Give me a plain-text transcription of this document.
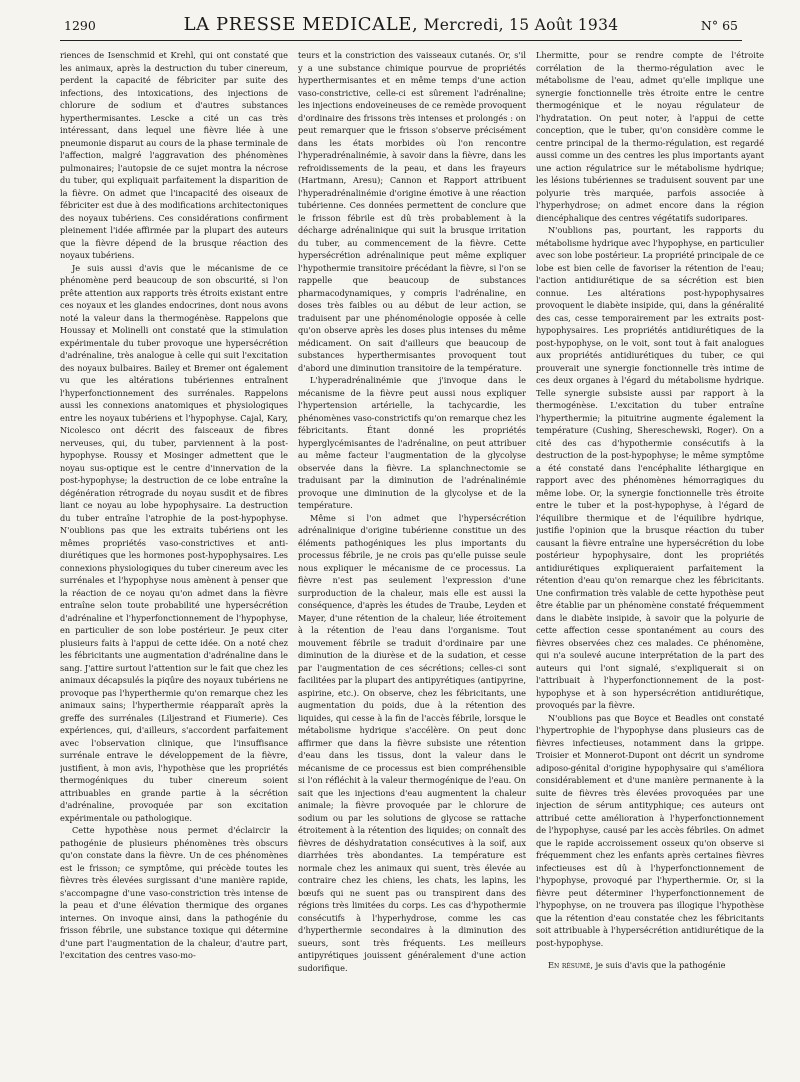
1290	LA PRESSE MEDICALE, Mercredi, 15 Août 1934	N° 65

riences de Isenschmid et Krehl, qui ont constaté que les animaux, après la destruction du tuber cinereum, perdent la capacité de fébriciter par suite des infections, des intoxications, des injections de chlorure de sodium et d'autres substances hyperthermisantes. Lescke a cité un cas très intéressant, dans lequel une fièvre liée à une pneumonie disparut au cours de la phase terminale de l'affection, malgré l'aggravation des phénomènes pulmonaires; l'autopsie de ce sujet montra la nécrose du tuber, qui expliquait parfaitement la disparition de la fièvre. On admet que l'incapacité des oiseaux de fébriciter est due à des modifications architectoniques des noyaux tubériens. Ces considérations confirment pleinement l'idée affirmée par la plupart des auteurs que la fièvre dépend de la brusque réaction des noyaux tubériens.

Je suis aussi d'avis que le mécanisme de ce phénomène perd beaucoup de son obscurité, si l'on prête attention aux rapports très étroits existant entre ces noyaux et les glandes endocrines, dont nous avons noté la valeur dans la thermogénèse. Rappelons que Houssay et Molinelli ont constaté que la stimulation expérimentale du tuber provoque une hypersécrétion d'adrénaline, très analogue à celle qui suit l'excitation des noyaux bulbaires. Bailey et Bremer ont également vu que les altérations tubériennes entraînent l'hyperfonctionnement des surrénales. Rappelons aussi les connexions anatomiques et physiologiques entre les noyaux tubériens et l'hypophyse. Cajal, Kary, Nicolesco ont décrit des faisceaux de fibres nerveuses, qui, du tuber, parviennent à la post-hypophyse. Roussy et Mosinger admettent que le noyau sus-optique est le centre d'innervation de la post-hypophyse; la destruction de ce lobe entraîne la dégénération rétrograde du noyau susdit et de fibres liant ce noyau au lobe hypophysaire. La destruction du tuber entraîne l'atrophie de la post-hypophyse. N'oublions pas que les extraits tubériens ont les mêmes propriétés vaso-constrictives et anti-diurétiques que les hormones post-hypophysaires. Les connexions physiologiques du tuber cinereum avec les surrénales et l'hypophyse nous amènent à penser que la réaction de ce noyau qu'on admet dans la fièvre entraîne selon toute probabilité une hypersécrétion d'adrénaline et l'hyperfonctionnement de l'hypophyse, en particulier de son lobe postérieur. Je peux citer plusieurs faits à l'appui de cette idée. On a noté chez les fébricitants une augmentation d'adrénaline dans le sang. J'attire surtout l'attention sur le fait que chez les animaux décapsulés la piqûre des noyaux tubériens ne provoque pas l'hyperthermie qu'on remarque chez les animaux sains; l'hyperthermie réapparaît après la greffe des surrénales (Liljestrand et Fiumerie). Ces expériences, qui, d'ailleurs, s'accordent parfaitement avec l'observation clinique, que l'insuffisance surrénale entrave le développement de la fièvre, justifient, à mon avis, l'hypothèse que les propriétés thermogéniques du tuber cinereum soient attribuables en grande partie à la sécrétion d'adrénaline, provoquée par son excitation expérimentale ou pathologique.

Cette hypothèse nous permet d'éclaircir la pathogénie de plusieurs phénomènes très obscurs qu'on constate dans la fièvre. Un de ces phénomènes est le frisson; ce symptôme, qui précède toutes les fièvres très élevées surgissant d'une manière rapide, s'accompagne d'une vaso-constriction très intense de la peau et d'une élévation thermique des organes internes. On invoque ainsi, dans la pathogénie du frisson fébrile, une substance toxique qui détermine d'une part l'augmentation de la chaleur, d'autre part, l'excitation des centres vaso-mo-

teurs et la constriction des vaisseaux cutanés. Or, s'il y a une substance chimique pourvue de propriétés hyperthermisantes et en même temps d'une action vaso-constrictive, celle-ci est sûrement l'adrénaline; les injections endoveineuses de ce remède provoquent d'ordinaire des frissons très intenses et prolongés : on peut remarquer que le frisson s'observe précisément dans les états morbides où l'on rencontre l'hyperadrénalinémie, à savoir dans la fièvre, dans les refroidissements de la peau, et dans les frayeurs (Hartmann, Aresu); Cannon et Rapport attribuent l'hyperadrénalinémie d'origine émotive à une réaction tubérienne. Ces données permettent de conclure que le frisson fébrile est dû très probablement à la décharge adrénalinique qui suit la brusque irritation du tuber, au commencement de la fièvre. Cette hypersécrétion adrénalinique peut même expliquer l'hypothermie transitoire précédant la fièvre, si l'on se rappelle que beaucoup de substances pharmacodynamiques, y compris l'adrénaline, en doses très faibles ou au début de leur action, se traduisent par une phénoménologie opposée à celle qu'on observe après les doses plus intenses du même médicament. On sait d'ailleurs que beaucoup de substances hyperthermisantes provoquent tout d'abord une diminution transitoire de la température.

L'hyperadrénalinémie que j'invoque dans le mécanisme de la fièvre peut aussi nous expliquer l'hypertension artérielle, la tachycardie, les phénomènes vaso-constrictifs qu'on remarque chez les fébricitants. Étant donné les propriétés hyperglycémisantes de l'adrénaline, on peut attribuer au même facteur l'augmentation de la glycolyse observée dans la fièvre. La splanchnectomie se traduisant par la diminution de l'adrénalinémie provoque une diminution de la glycolyse et de la température.

Même si l'on admet que l'hypersécrétion adrénalinique d'origine tubérienne constitue un des éléments pathogéniques les plus importants du processus fébrile, je ne crois pas qu'elle puisse seule nous expliquer le mécanisme de ce processus. La fièvre n'est pas seulement l'expression d'une surproduction de la chaleur, mais elle est aussi la conséquence, d'après les études de Traube, Leyden et Mayer, d'une rétention de la chaleur, liée étroitement à la rétention de l'eau dans l'organisme. Tout mouvement fébrile se traduit d'ordinaire par une diminution de la diurèse et de la sudation, et cesse par l'augmentation de ces sécrétions; celles-ci sont facilitées par la plupart des antipyrétiques (antipyrine, aspirine, etc.). On observe, chez les fébricitants, une augmentation du poids, due à la rétention des liquides, qui cesse à la fin de l'accès fébrile, lorsque le métabolisme hydrique s'accélère. On peut donc affirmer que dans la fièvre subsiste une rétention d'eau dans les tissus, dont la valeur dans le mécanisme de ce processus est bien compréhensible si l'on réfléchit à la valeur thermogénique de l'eau. On sait que les injections d'eau augmentent la chaleur animale; la fièvre provoquée par le chlorure de sodium ou par les solutions de glycose se rattache étroitement à la rétention des liquides; on connaît des fièvres de déshydratation consécutives à la soif, aux diarrhées très abondantes. La température est normale chez les animaux qui suent, très élevée au contraire chez les chiens, les chats, les lapins, les bœufs qui ne suent pas ou transpirent dans des régions très limitées du corps. Les cas d'hypothermie consécutifs à l'hyperhydrose, comme les cas d'hyperthermie secondaires à la diminution des sueurs, sont très fréquents. Les meilleurs antipyrétiques jouissent généralement d'une action sudorifique.

Lhermitte, pour se rendre compte de l'étroite corrélation de la thermo-régulation avec le métabolisme de l'eau, admet qu'elle implique une synergie fonctionnelle très étroite entre le centre thermogénique et le noyau régulateur de l'hydratation. On peut noter, à l'appui de cette conception, que le tuber, qu'on considère comme le centre principal de la thermo-régulation, est regardé aussi comme un des centres les plus importants ayant une action régulatrice sur le métabolisme hydrique; les lésions tubériennes se traduisent souvent par une polyurie très marquée, parfois associée à l'hyperhydrose; on admet encore dans la région diencéphalique des centres végétatifs sudoripares.

N'oublions pas, pourtant, les rapports du métabolisme hydrique avec l'hypophyse, en particulier avec son lobe postérieur. La propriété principale de ce lobe est bien celle de favoriser la rétention de l'eau; l'action antidiurétique de sa sécrétion est bien connue. Les altérations post-hypophysaires provoquent le diabète insipide, qui, dans la généralité des cas, cesse temporairement par les extraits post-hypophysaires. Les propriétés antidiurétiques de la post-hypophyse, on le voit, sont tout à fait analogues aux propriétés antidiurétiques du tuber, ce qui prouverait une synergie fonctionnelle très intime de ces deux organes à l'égard du métabolisme hydrique. Telle synergie subsiste aussi par rapport à la thermogénèse. L'excitation du tuber entraîne l'hyperthermie; la pituitrine augmente également la température (Cushing, Shereschewski, Roger). On a cité des cas d'hypothermie consécutifs à la destruction de la post-hypophyse; le même symptôme a été constaté dans l'encéphalite léthargique en rapport avec des phénomènes hémorragiques du même lobe. Or, la synergie fonctionnelle très étroite entre le tuber et la post-hypophyse, à l'égard de l'équilibre thermique et de l'équilibre hydrique, justifie l'opinion que la brusque réaction du tuber causant la fièvre entraîne une hypersécrétion du lobe postérieur hypophysaire, dont les propriétés antidiurétiques expliqueraient parfaitement la rétention d'eau qu'on remarque chez les fébricitants. Une confirmation très valable de cette hypothèse peut être établie par un phénomène constaté fréquemment dans le diabète insipide, à savoir que la polyurie de cette affection cesse spontanément au cours des fièvres observées chez ces malades. Ce phénomène, qui n'a soulevé aucune interprétation de la part des auteurs qui l'ont signalé, s'expliquerait si on l'attribuait à l'hyperfonctionnement de la post-hypophyse et à son hypersécrétion antidiurétique, provoqués par la fièvre.

N'oublions pas que Boyce et Beadles ont constaté l'hypertrophie de l'hypophyse dans plusieurs cas de fièvres infectieuses, notamment dans la grippe. Troisier et Monnerot-Dupont ont décrit un syndrome adiposo-génital d'origine hypophysaire qui s'améliora considérablement et d'une manière permanente à la suite de fièvres très élevées provoquées par une injection de sérum antityphique; ces auteurs ont attribué cette amélioration à l'hyperfonctionnement de l'hypophyse, causé par les accès fébriles. On admet que le rapide accroissement osseux qu'on observe si fréquemment chez les enfants après certaines fièvres infectieuses est dû à l'hyperfonctionnement de l'hypophyse, provoqué par l'hyperthermie. Or, si la fièvre peut déterminer l'hyperfonctionnement de l'hypophyse, on ne trouvera pas illogique l'hypothèse que la rétention d'eau constatée chez les fébricitants soit attribuable à l'hypersécrétion antidiurétique de la post-hypophyse.

En résumé, je suis d'avis que la pathogénie
